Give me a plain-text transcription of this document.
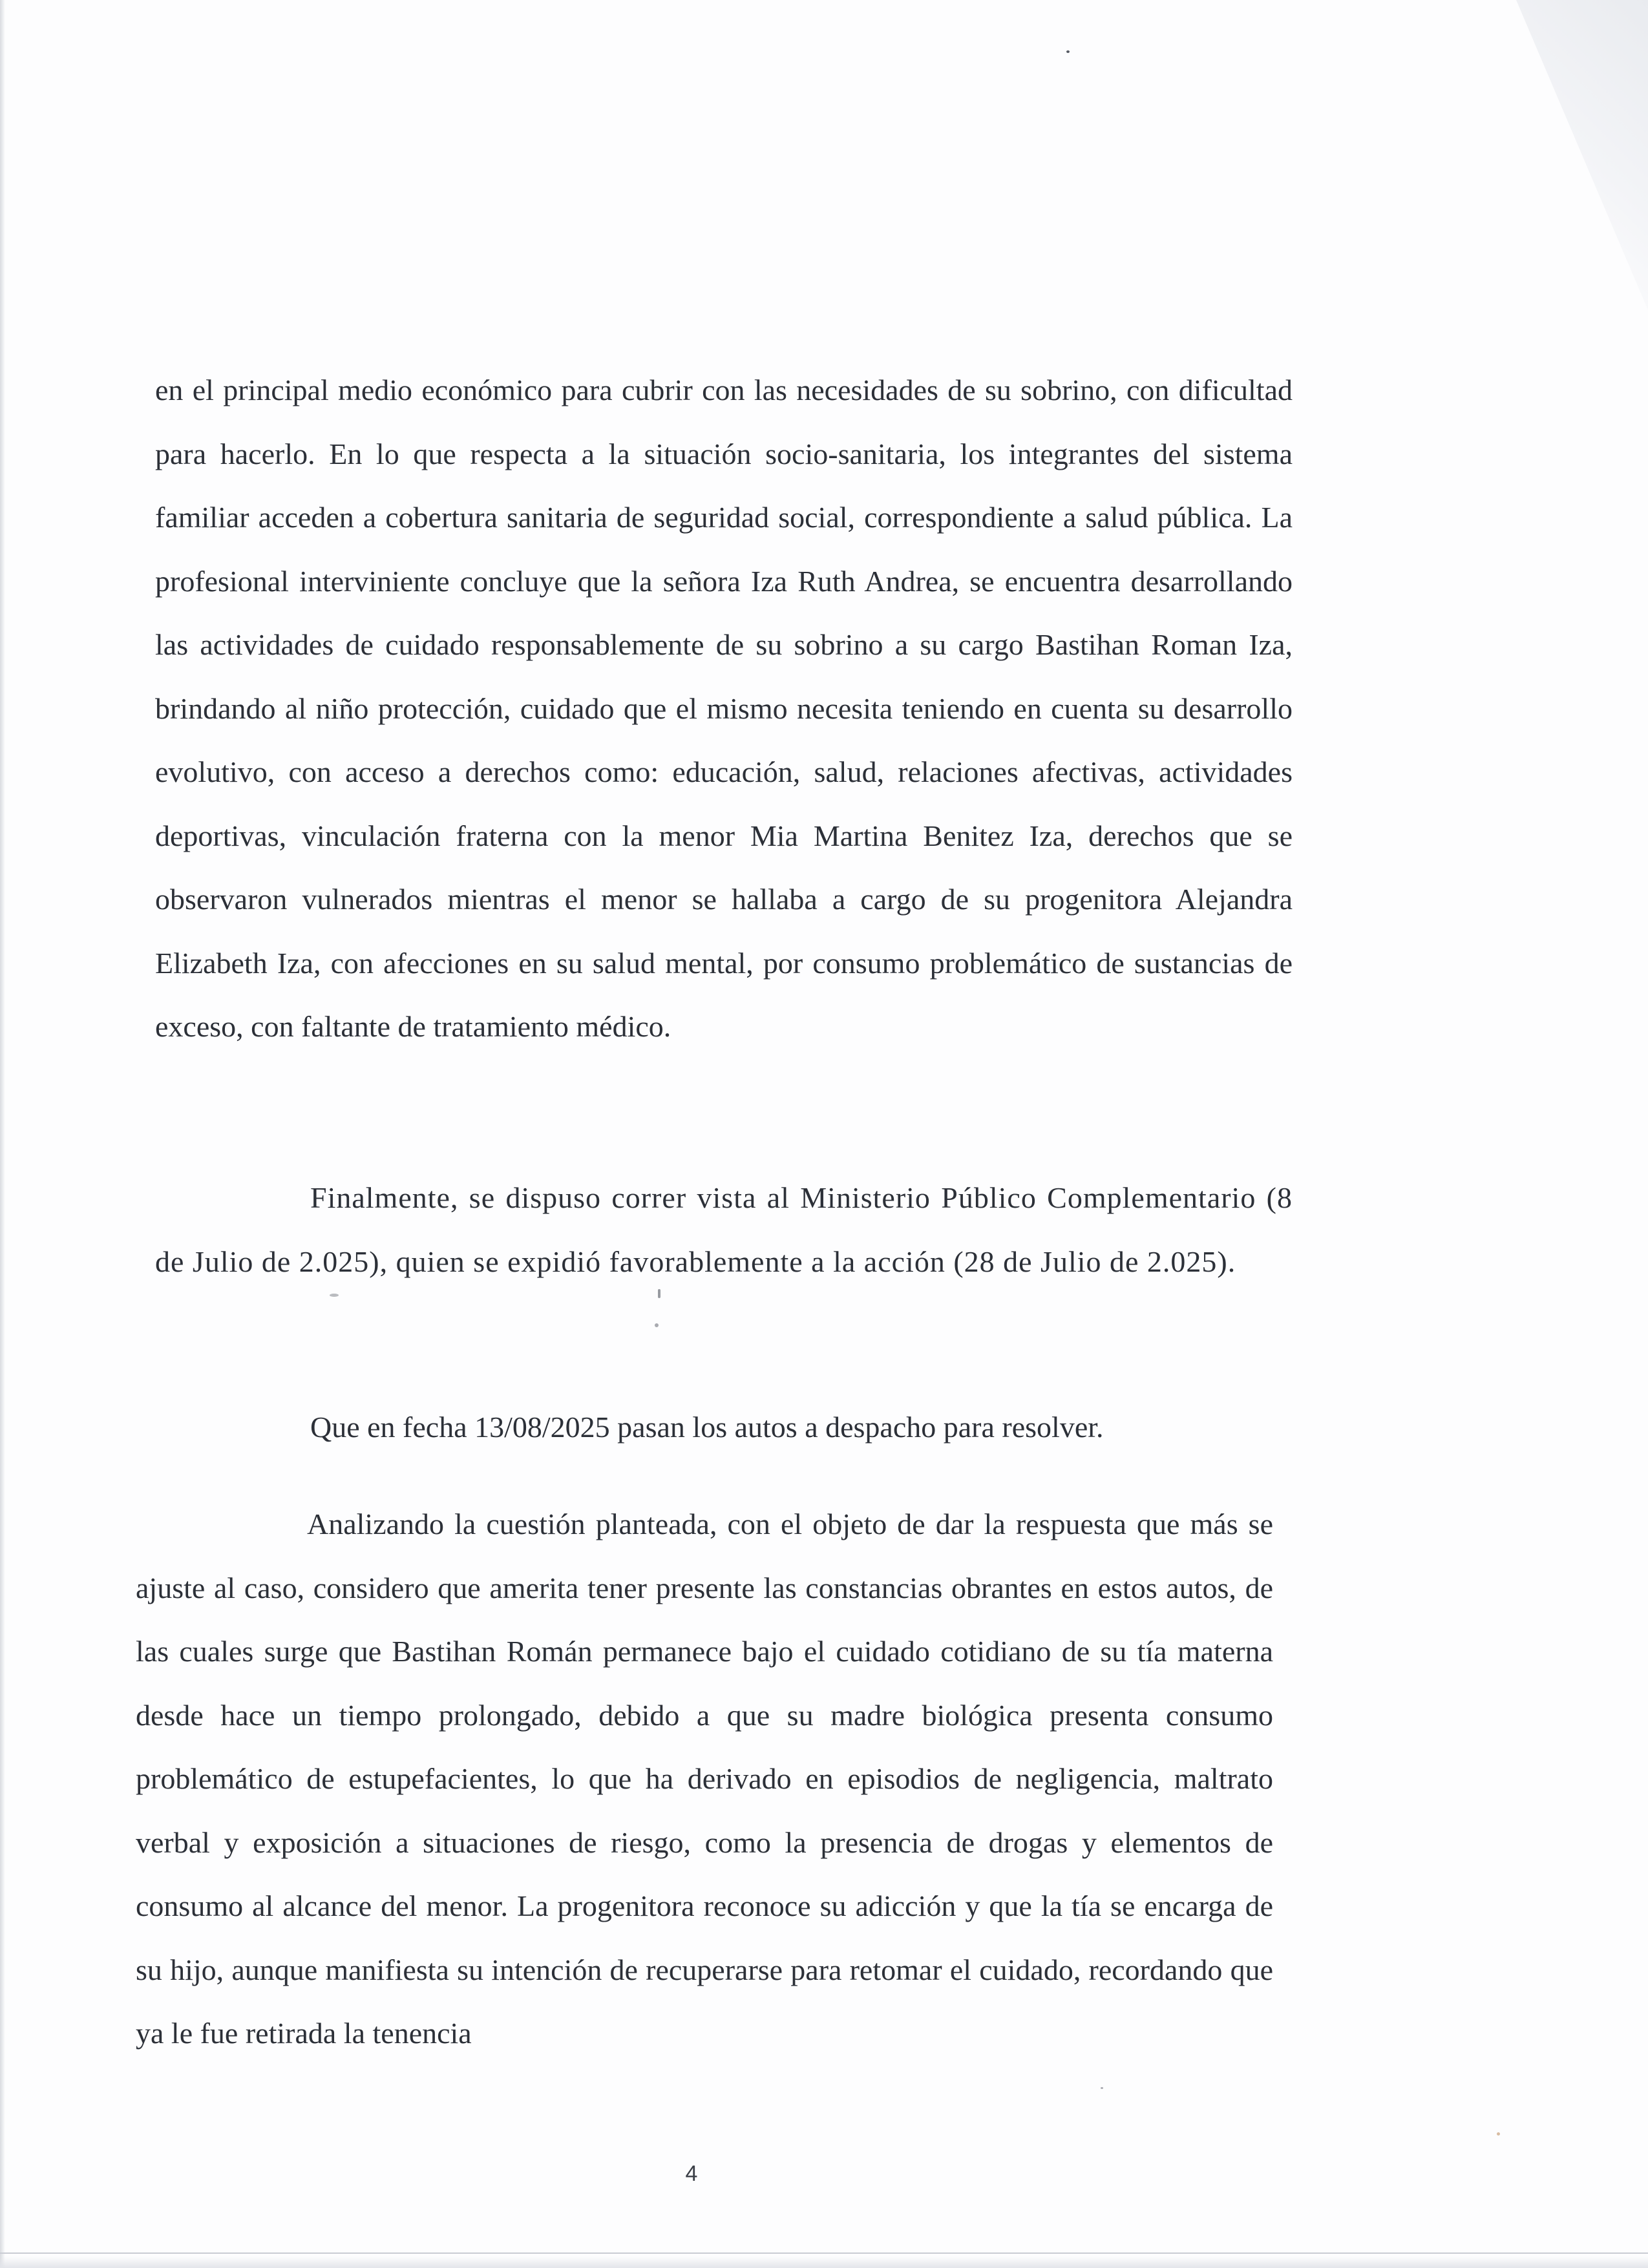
en el principal medio económico para cubrir con las necesidades de su sobrino, con dificultad para hacerlo. En lo que respecta a la situación socio-sanitaria, los integrantes del sistema familiar acceden a cobertura sanitaria de seguridad social, correspondiente a salud pública. La profesional interviniente concluye que la señora Iza Ruth Andrea, se encuentra desarrollando las actividades de cuidado responsablemente de su sobrino a su cargo Bastihan Roman Iza, brindando al niño protección, cuidado que el mismo necesita teniendo en cuenta su desarrollo evolutivo, con acceso a derechos como: educación, salud, relaciones afectivas, actividades deportivas, vinculación fraterna con la menor Mia Martina Benitez Iza, derechos que se observaron vulnerados mientras el menor se hallaba a cargo de su progenitora Alejandra Elizabeth Iza, con afecciones en su salud mental, por consumo problemático de sustancias de exceso, con faltante de tratamiento médico.

Finalmente, se dispuso correr vista al Ministerio Público Complementario (8 de Julio de 2.025), quien se expidió favorablemente a la acción (28 de Julio de 2.025).

Que en fecha 13/08/2025 pasan los autos a despacho para resolver.

Analizando la cuestión planteada, con el objeto de dar la respuesta que más se ajuste al caso, considero que amerita tener presente las constancias obrantes en estos autos, de las cuales surge que Bastihan Román permanece bajo el cuidado cotidiano de su tía materna desde hace un tiempo prolongado, debido a que su madre biológica presenta consumo problemático de estupefacientes, lo que ha derivado en episodios de negligencia, maltrato verbal y exposición a situaciones de riesgo, como la presencia de drogas y elementos de consumo al alcance del menor. La progenitora reconoce su adicción y que la tía se encarga de su hijo, aunque manifiesta su intención de recuperarse para retomar el cuidado, recordando que ya le fue retirada la tenencia

4
